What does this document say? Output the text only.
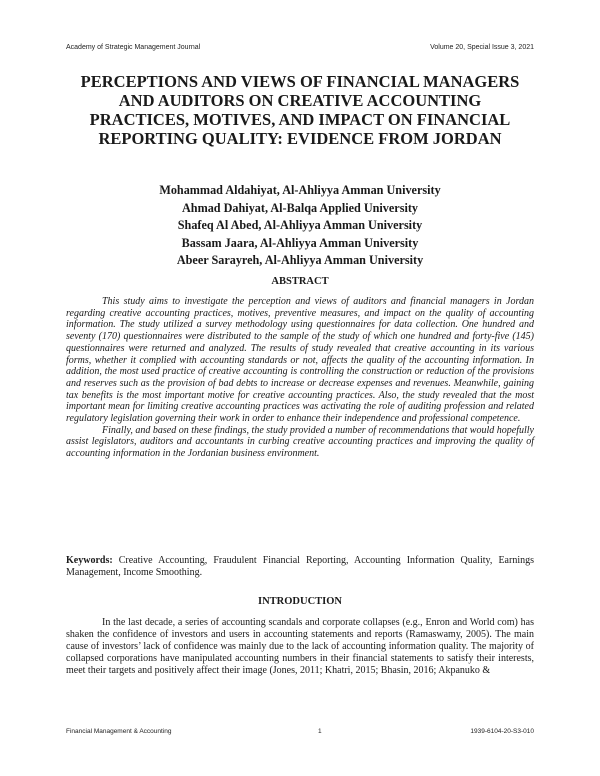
Academy of Strategic Management Journal	Volume 20, Special Issue 3, 2021
PERCEPTIONS AND VIEWS OF FINANCIAL MANAGERS AND AUDITORS ON CREATIVE ACCOUNTING PRACTICES, MOTIVES, AND IMPACT ON FINANCIAL REPORTING QUALITY: EVIDENCE FROM JORDAN
Mohammad Aldahiyat, Al-Ahliyya Amman University
Ahmad Dahiyat, Al-Balqa Applied University
Shafeq Al Abed, Al-Ahliyya Amman University
Bassam Jaara, Al-Ahliyya Amman University
Abeer Sarayreh, Al-Ahliyya Amman University
ABSTRACT

This study aims to investigate the perception and views of auditors and financial managers in Jordan regarding creative accounting practices, motives, preventive measures, and impact on the quality of accounting information. The study utilized a survey methodology using questionnaires for data collection. One hundred and seventy (170) questionnaires were distributed to the sample of the study of which one hundred and forty-five (145) questionnaires were returned and analyzed. The results of study revealed that creative accounting in its various forms, whether it complied with accounting standards or not, affects the quality of the accounting information. In addition, the most used practice of creative accounting is controlling the construction or reduction of the provisions and reserves such as the provision of bad debts to increase or decrease expenses and revenues. Meanwhile, gaining tax benefits is the most important motive for creative accounting practices. Also, the study revealed that the most important mean for limiting creative accounting practices was activating the role of auditing profession and related regulatory legislation governing their work in order to enhance their independence and professional competence.

Finally, and based on these findings, the study provided a number of recommendations that would hopefully assist legislators, auditors and accountants in curbing creative accounting practices and improving the quality of accounting information in the Jordanian business environment.

Keywords: Creative Accounting, Fraudulent Financial Reporting, Accounting Information Quality, Earnings Management, Income Smoothing.
INTRODUCTION

In the last decade, a series of accounting scandals and corporate collapses (e.g., Enron and World com) has shaken the confidence of investors and users in accounting statements and reports (Ramaswamy, 2005). The main cause of investors’ lack of confidence was mainly due to the lack of accounting information quality. The majority of collapsed corporations have manipulated accounting numbers in their financial statements to satisfy their interests, meet their targets and positively affect their image (Jones, 2011; Khatri, 2015; Bhasin, 2016; Akpanuko &

Financial Management & Accounting	1	1939-6104-20-S3-010
